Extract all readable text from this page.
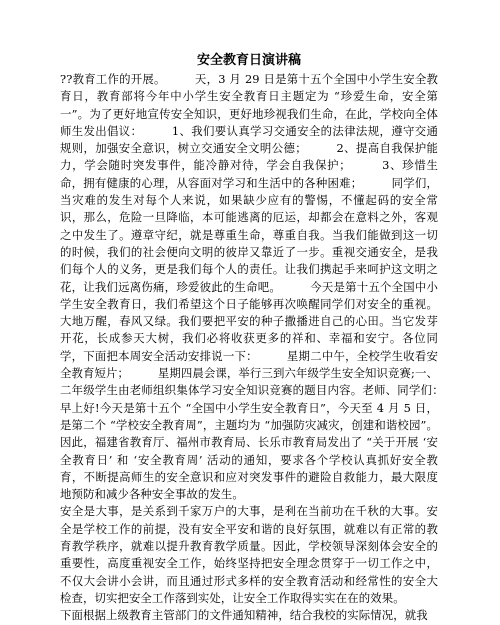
安全教育日演讲稿

??教育工作的开展。　　　天，3 月 29 日是第十五个全国中小学生安全教育日，教育部将今年中小学生安全教育日主题定为 “珍爱生命，安全第一”。为了更好地宣传安全知识，更好地珍视我们生命，在此，学校向全体师生发出倡议：　　　1、我们要认真学习交通安全的法律法规，遵守交通规则，加强安全意识，树立交通安全文明公德；　　　2、提高自我保护能力，学会随时突发事件，能冷静对待，学会自我保护；　　　3、珍惜生命，拥有健康的心理，从容面对学习和生活中的各种困难；　　　同学们，当灾难的发生对每个人来说，如果缺少应有的警惕，不懂起码的安全常识，那么，危险一旦降临，本可能逃离的厄运，却都会在意料之外，客观之中发生了。遵章守纪，就是尊重生命，尊重自我。当我们能做到这一切的时候，我们的社会便向文明的彼岸又靠近了一步。重视交通安全，是我们每个人的义务，更是我们每个人的责任。让我们携起手来呵护这文明之花，让我们远离伤痛，珍爱彼此的生命吧。　　　今天是第十五个全国中小学生安全教育日，我们希望这个日子能够再次唤醒同学们对安全的重视。大地万醒，春风又绿。我们要把平安的种子撒播进自己的心田。当它发芽开花，长成参天大树，我们必将收获更多的祥和、幸福和安宁。各位同学，下面把本周安全活动安排说一下：　　　星期二中午，全校学生收看安全教育短片；　　　星期四晨会课，举行三到六年级学生安全知识竞赛;一、二年级学生由老师组织集体学习安全知识竞赛的题目内容。老师、同学们：　　　早上好!今天是第十五个 “全国中小学生安全教育日”，今天至 4 月 5 日，是第二个 “学校安全教育周”，主题均为 “加强防灾减灾，创建和谐校园”。因此，福建省教育厅、福州市教育局、长乐市教育局发出了 “关于开展 ‘安全教育日’ 和 ‘安全教育周’ 活动的通知，要求各个学校认真抓好安全教育，不断提高师生的安全意识和应对突发事件的避险自救能力，最大限度地预防和减少各种安全事故的发生。

安全是大事，是关系到千家万户的大事，是利在当前功在千秋的大事。安全是学校工作的前提，没有安全平安和谐的良好氛围，就难以有正常的教育教学秩序，就难以提升教育教学质量。因此，学校领导深刻体会安全的重要性，高度重视安全工作，始终坚持把安全理念贯穿于一切工作之中，不仅大会讲小会讲，而且通过形式多样的安全教育活动和经常性的安全大检查，切实把安全工作落到实处，让安全工作取得实实在在的效果。

下面根据上级教育主管部门的文件通知精神，结合我校的实际情况，就我
